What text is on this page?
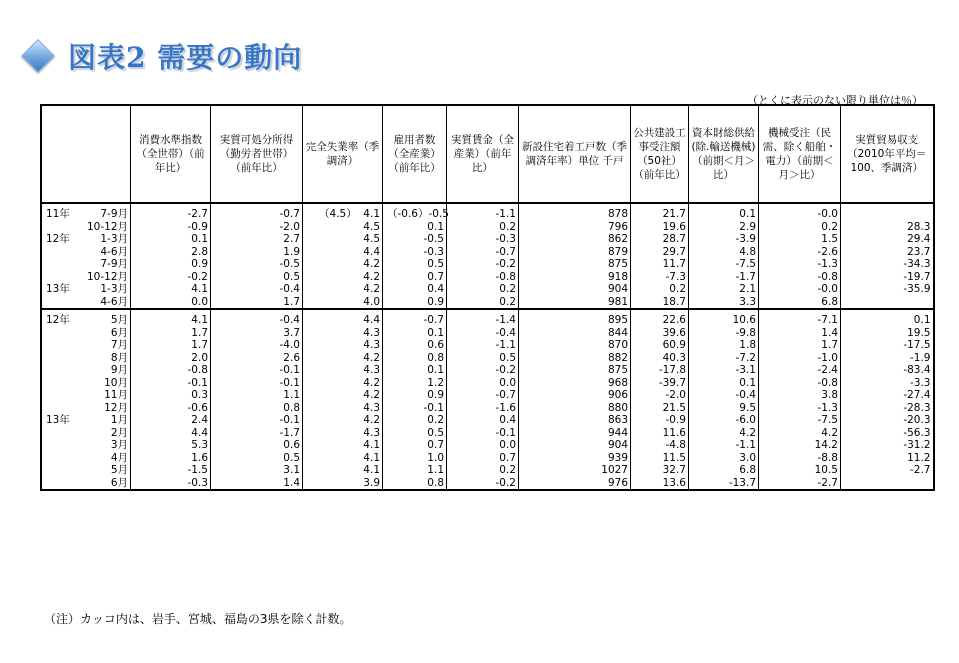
図表2 需要の動向
（とくに表示のない限り単位は％）
	消費水準指数（全世帯）（前年比）	実質可処分所得（勤労者世帯）（前年比）	完全失業率（季調済）	雇用者数（全産業）（前年比）	実質賃金（全産業）（前年比）	新設住宅着工戸数（季調済年率）単位 千戸	公共建設工事受注額（50社）（前年比）	資本財総供給(除.輸送機械)（前期＜月＞比）	機械受注（民需、除く船舶・電力）（前期＜月＞比）	実質貿易収支（2010年平均＝100、季調済）
11年 7-9月	-2.7	-0.7	（4.5） 4.1	（-0.6） -0.5	-1.1	878	21.7	0.1	-0.0	
10-12月	-0.9	-2.0	4.5	0.1	0.2	796	19.6	2.9	0.2	28.3
12年 1-3月	0.1	2.7	4.5	-0.5	-0.3	862	28.7	-3.9	1.5	29.4
4-6月	2.8	1.9	4.4	-0.3	-0.7	879	29.7	4.8	-2.6	23.7
7-9月	0.9	-0.5	4.2	0.5	-0.2	875	11.7	-7.5	-1.3	-34.3
10-12月	-0.2	0.5	4.2	0.7	-0.8	918	-7.3	-1.7	-0.8	-19.7
13年 1-3月	4.1	-0.4	4.2	0.4	0.2	904	0.2	2.1	-0.0	-35.9
4-6月	0.0	1.7	4.0	0.9	0.2	981	18.7	3.3	6.8	
12年 5月	4.1	-0.4	4.4	-0.7	-1.4	895	22.6	10.6	-7.1	0.1
6月	1.7	3.7	4.3	0.1	-0.4	844	39.6	-9.8	1.4	19.5
7月	1.7	-4.0	4.3	0.6	-1.1	870	60.9	1.8	1.7	-17.5
8月	2.0	2.6	4.2	0.8	0.5	882	40.3	-7.2	-1.0	-1.9
9月	-0.8	-0.1	4.3	0.1	-0.2	875	-17.8	-3.1	-2.4	-83.4
10月	-0.1	-0.1	4.2	1.2	0.0	968	-39.7	0.1	-0.8	-3.3
11月	0.3	1.1	4.2	0.9	-0.7	906	-2.0	-0.4	3.8	-27.4
12月	-0.6	0.8	4.3	-0.1	-1.6	880	21.5	9.5	-1.3	-28.3
13年 1月	2.4	-0.1	4.2	0.2	0.4	863	-0.9	-6.0	-7.5	-20.3
2月	4.4	-1.7	4.3	0.5	-0.1	944	11.6	4.2	4.2	-56.3
3月	5.3	0.6	4.1	0.7	0.0	904	-4.8	-1.1	14.2	-31.2
4月	1.6	0.5	4.1	1.0	0.7	939	11.5	3.0	-8.8	11.2
5月	-1.5	3.1	4.1	1.1	0.2	1027	32.7	6.8	10.5	-2.7
6月	-0.3	1.4	3.9	0.8	-0.2	976	13.6	-13.7	-2.7	
（注）カッコ内は、岩手、宮城、福島の3県を除く計数。
